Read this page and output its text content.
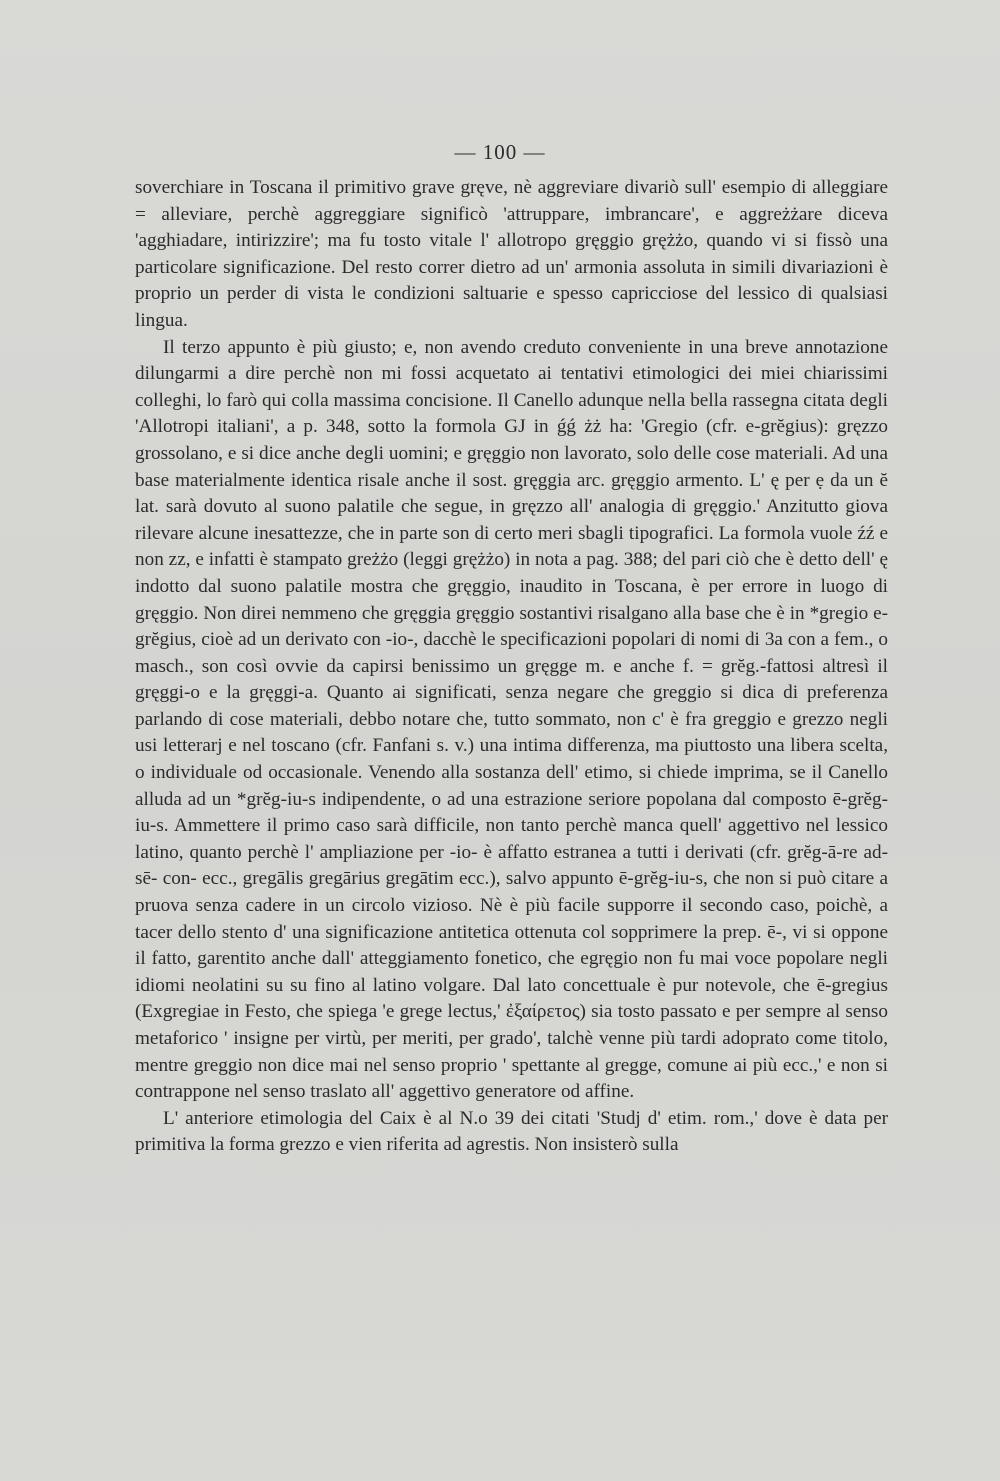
— 100 —

soverchiare in Toscana il primitivo grave gręve, nè aggreviare divariò sull' esempio di alleggiare = alleviare, perchè aggreggiare significò 'attruppare, imbrancare', e aggreżżare diceva 'agghiadare, intirizzire'; ma fu tosto vitale l' allotropo gręggio grężżo, quando vi si fissò una particolare significazione. Del resto correr dietro ad un' armonia assoluta in simili divariazioni è proprio un perder di vista le condizioni saltuarie e spesso capricciose del lessico di qualsiasi lingua.

Il terzo appunto è più giusto; e, non avendo creduto conveniente in una breve annotazione dilungarmi a dire perchè non mi fossi acquetato ai tentativi etimologici dei miei chiarissimi colleghi, lo farò qui colla massima concisione. Il Canello adunque nella bella rassegna citata degli 'Allotropi italiani', a p. 348, sotto la formola GJ in ǵǵ żż ha: 'Gregio (cfr. e-grĕgius): gręzzo grossolano, e si dice anche degli uomini; e gręggio non lavorato, solo delle cose materiali. Ad una base materialmente identica risale anche il sost. gręggia arc. gręggio armento. L' ę per ẹ da un ĕ lat. sarà dovuto al suono palatile che segue, in gręzzo all' analogia di gręggio.' Anzitutto giova rilevare alcune inesattezze, che in parte son di certo meri sbagli tipografici. La formola vuole źź e non zz, e infatti è stampato greżżo (leggi grężżo) in nota a pag. 388; del pari ciò che è detto dell' ę indotto dal suono palatile mostra che gręggio, inaudito in Toscana, è per errore in luogo di gręggio. Non direi nemmeno che gręggia gręggio sostantivi risalgano alla base che è in *gregio e-grĕgius, cioè ad un derivato con -io-, dacchè le specificazioni popolari di nomi di 3a con a fem., o masch., son così ovvie da capirsi benissimo un gręgge m. e anche f. = grĕg.-fattosi altresì il gręggi-o e la gręggi-a. Quanto ai significati, senza negare che greggio si dica di preferenza parlando di cose materiali, debbo notare che, tutto sommato, non c' è fra greggio e grezzo negli usi letterarj e nel toscano (cfr. Fanfani s. v.) una intima differenza, ma piuttosto una libera scelta, o individuale od occasionale. Venendo alla sostanza dell' etimo, si chiede imprima, se il Canello alluda ad un *grĕg-iu-s indipendente, o ad una estrazione seriore popolana dal composto ē-grĕg-iu-s. Ammettere il primo caso sarà difficile, non tanto perchè manca quell' aggettivo nel lessico latino, quanto perchè l' ampliazione per -io- è affatto estranea a tutti i derivati (cfr. grĕg-ā-re ad- sē- con- ecc., gregālis gregārius gregātim ecc.), salvo appunto ē-grĕg-iu-s, che non si può citare a pruova senza cadere in un circolo vizioso. Nè è più facile supporre il secondo caso, poichè, a tacer dello stento d' una significazione antitetica ottenuta col sopprimere la prep. ē-, vi si oppone il fatto, garentito anche dall' atteggiamento fonetico, che egręgio non fu mai voce popolare negli idiomi neolatini su su fino al latino volgare. Dal lato concettuale è pur notevole, che ē-gregius (Exgregiae in Festo, che spiega 'e grege lectus,' ἐξαίρετος) sia tosto passato e per sempre al senso metaforico ' insigne per virtù, per meriti, per grado', talchè venne più tardi adoprato come titolo, mentre greggio non dice mai nel senso proprio ' spettante al gregge, comune ai più ecc.,' e non si contrappone nel senso traslato all' aggettivo generatore od affine.

L' anteriore etimologia del Caix è al N.o 39 dei citati 'Studj d' etim. rom.,' dove è data per primitiva la forma grezzo e vien riferita ad agrestis. Non insisterò sulla
